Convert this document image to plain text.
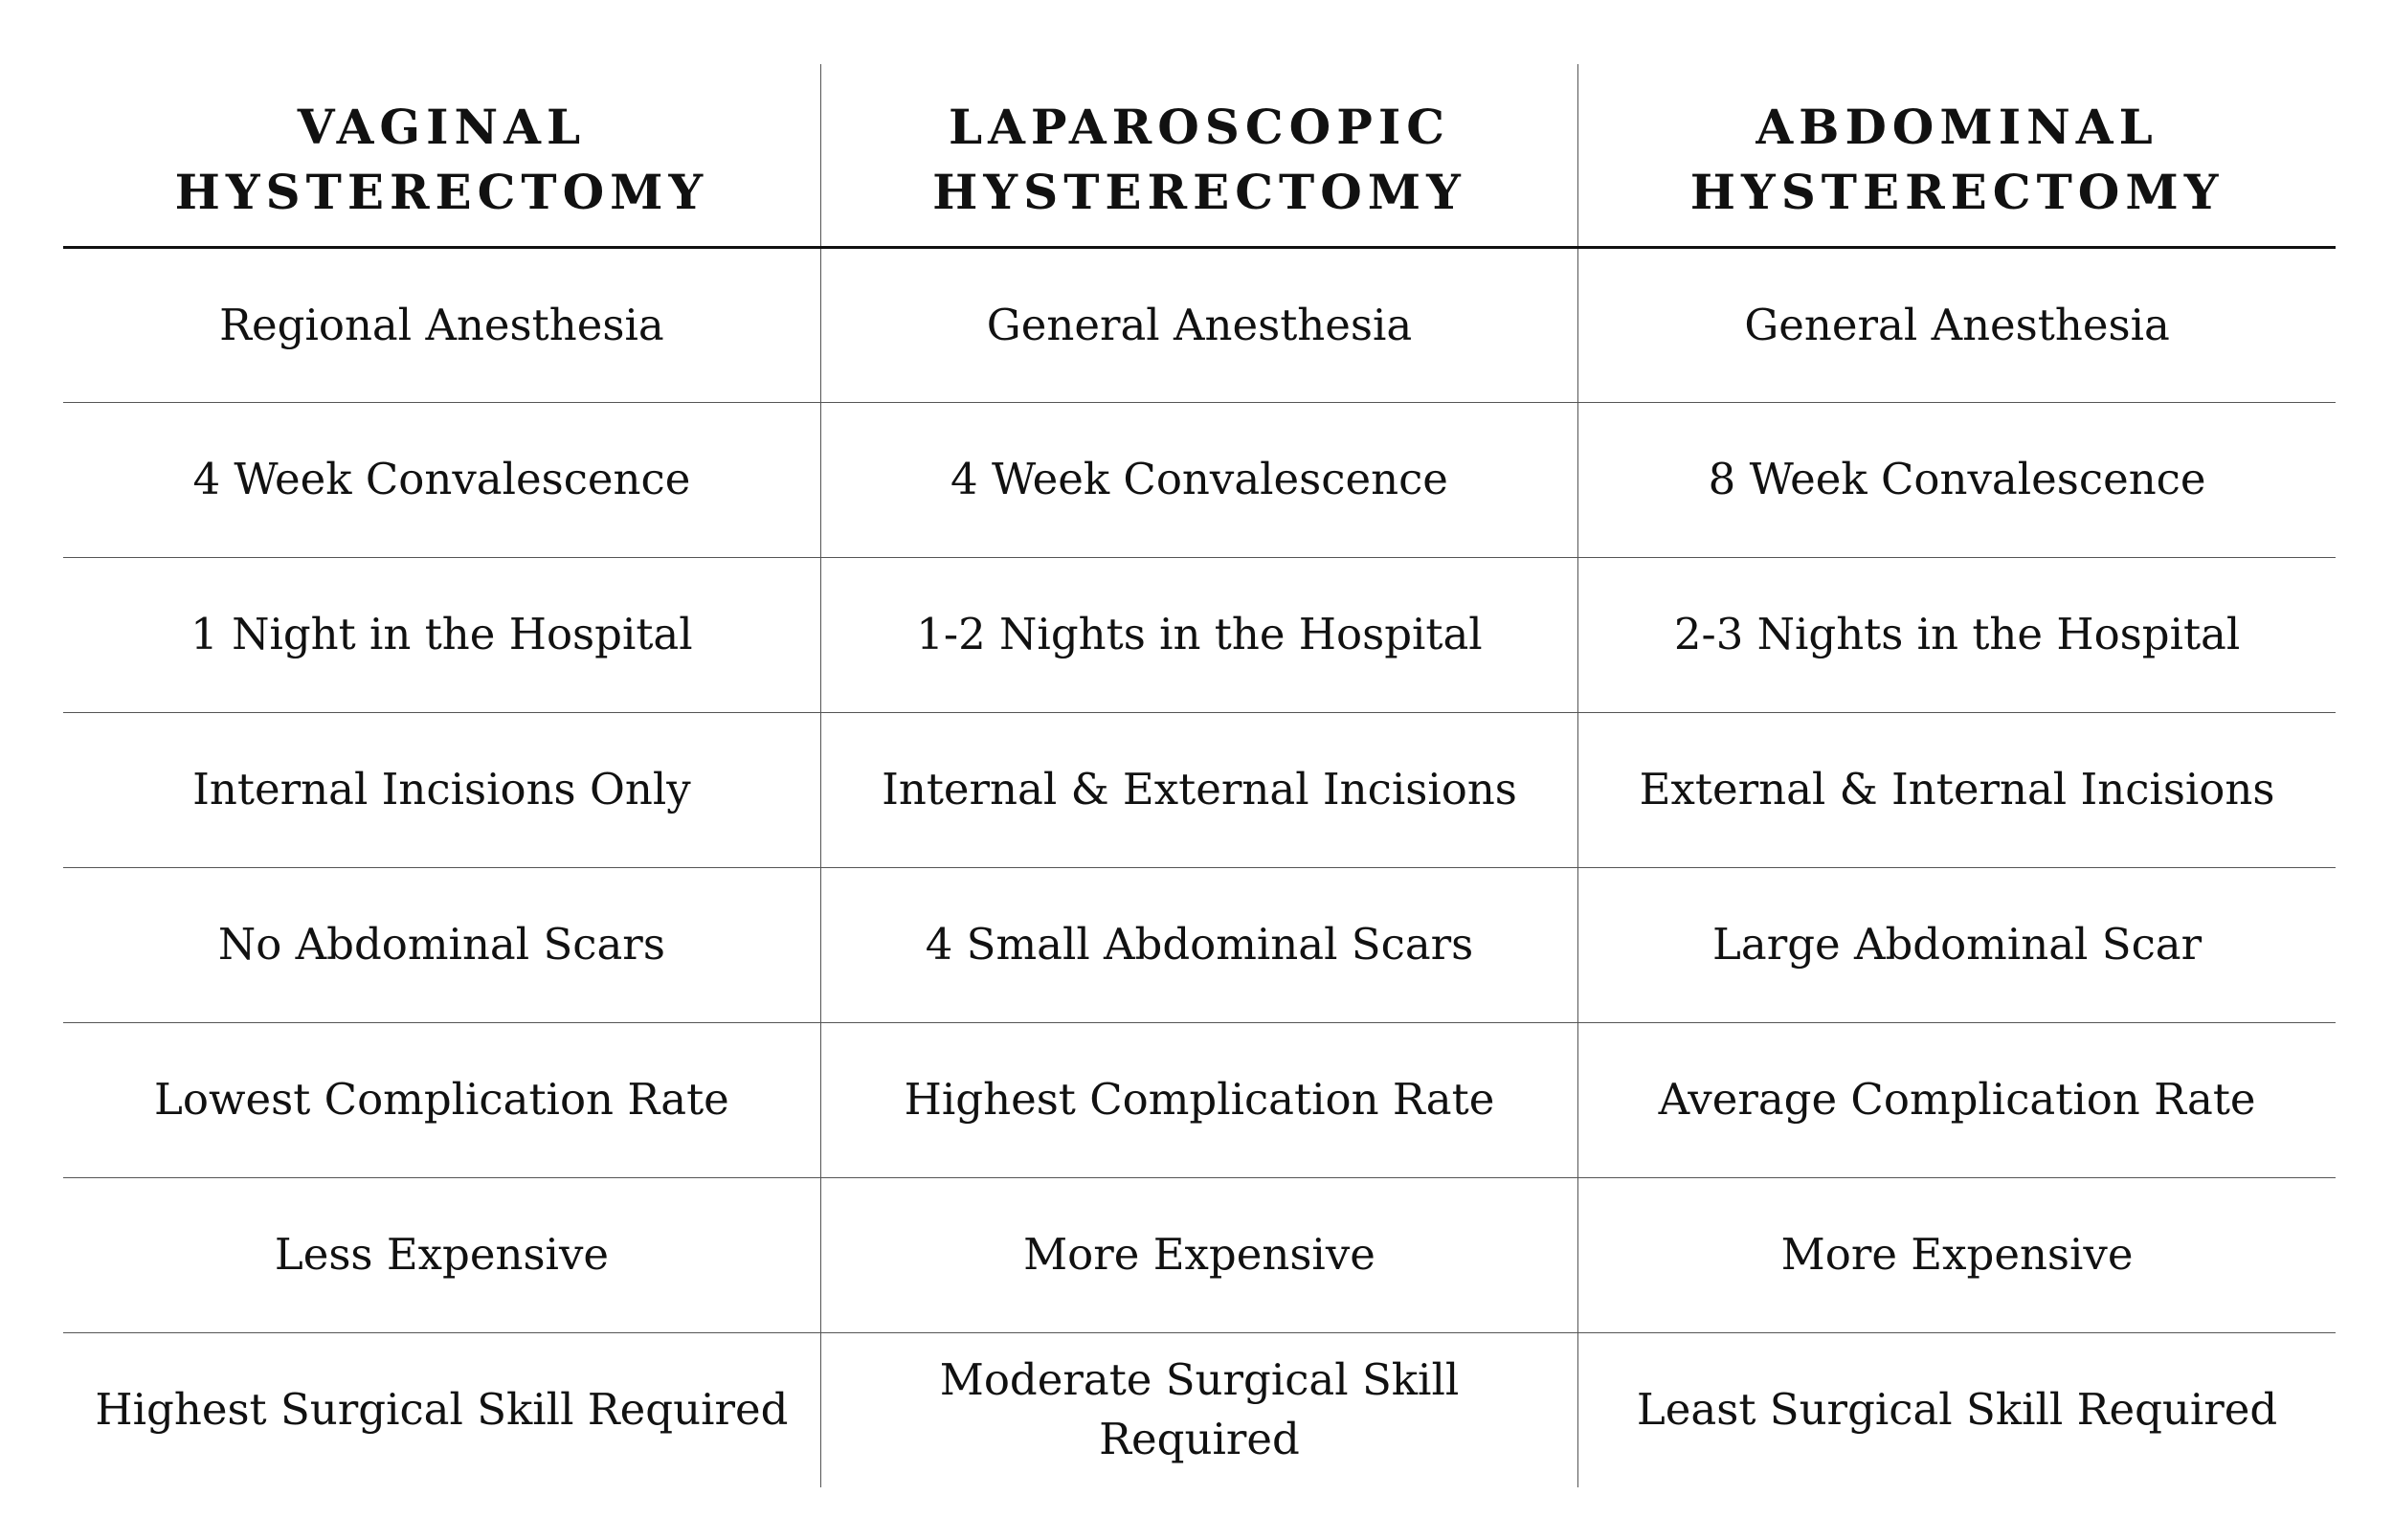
VAGINAL HYSTERECTOMY	LAPAROSCOPIC HYSTERECTOMY	ABDOMINAL HYSTERECTOMY
Regional Anesthesia	General Anesthesia	General Anesthesia
4 Week Convalescence	4 Week Convalescence	8 Week Convalescence
1 Night in the Hospital	1-2 Nights in the Hospital	2-3 Nights in the Hospital
Internal Incisions Only	Internal & External Incisions	External & Internal Incisions
No Abdominal Scars	4 Small Abdominal Scars	Large Abdominal Scar
Lowest Complication Rate	Highest Complication Rate	Average Complication Rate
Less Expensive	More Expensive	More Expensive
Highest Surgical Skill Required	Moderate Surgical Skill Required	Least Surgical Skill Required
